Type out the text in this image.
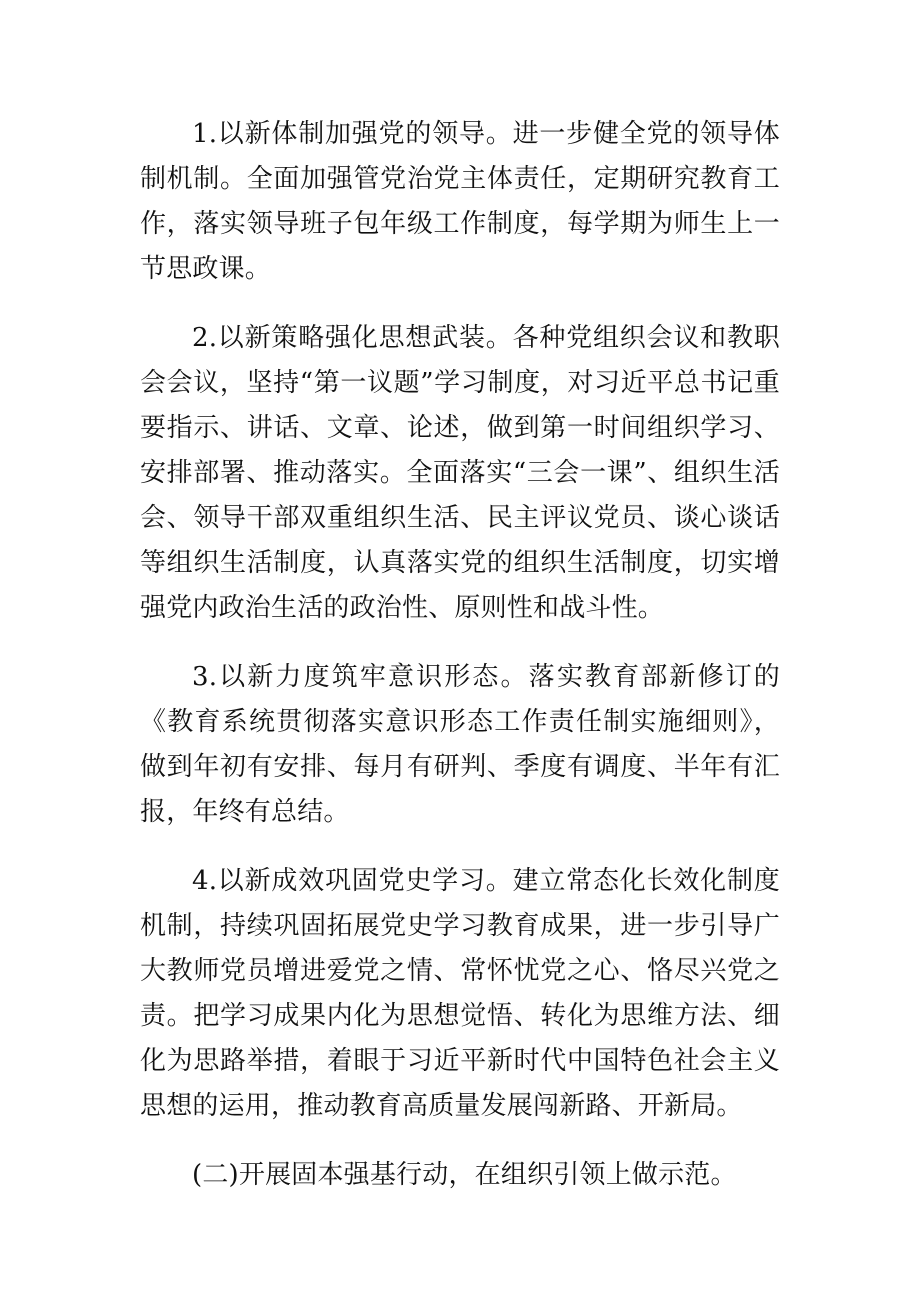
1.以新体制加强党的领导。进一步健全党的领导体制机制。全面加强管党治党主体责任，定期研究教育工作，落实领导班子包年级工作制度，每学期为师生上一节思政课。

2.以新策略强化思想武装。各种党组织会议和教职会会议，坚持“第一议题”学习制度，对习近平总书记重要指示、讲话、文章、论述，做到第一时间组织学习、安排部署、推动落实。全面落实“三会一课”、组织生活会、领导干部双重组织生活、民主评议党员、谈心谈话等组织生活制度，认真落实党的组织生活制度，切实增强党内政治生活的政治性、原则性和战斗性。

3.以新力度筑牢意识形态。落实教育部新修订的《教育系统贯彻落实意识形态工作责任制实施细则》，做到年初有安排、每月有研判、季度有调度、半年有汇报，年终有总结。

4.以新成效巩固党史学习。建立常态化长效化制度机制，持续巩固拓展党史学习教育成果，进一步引导广大教师党员增进爱党之情、常怀忧党之心、恪尽兴党之责。把学习成果内化为思想觉悟、转化为思维方法、细化为思路举措，着眼于习近平新时代中国特色社会主义思想的运用，推动教育高质量发展闯新路、开新局。

(二)开展固本强基行动，在组织引领上做示范。
